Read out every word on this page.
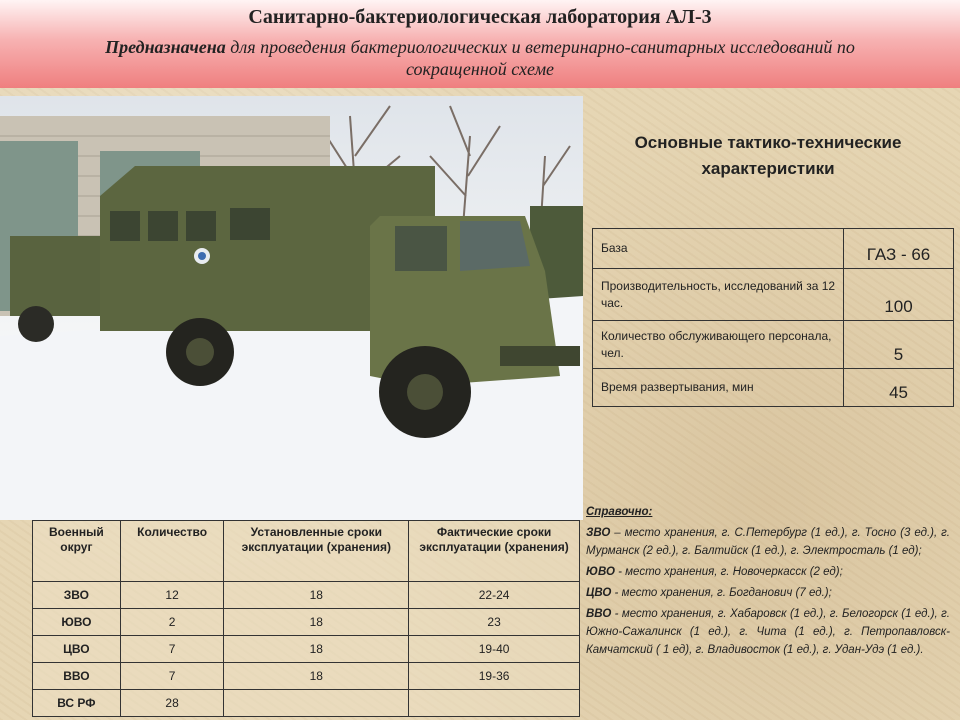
Санитарно-бактериологическая лаборатория АЛ-3
Предназначена для проведения бактериологических и ветеринарно-санитарных исследований по сокращенной схеме
Основные тактико-технические характеристики
База	ГАЗ - 66
Производительность, исследований за 12 час.	100
Количество обслуживающего персонала, чел.	5
Время развертывания, мин	45
Военный округ	Количество	Установленные сроки эксплуатации (хранения)	Фактические сроки эксплуатации (хранения)
ЗВО	12	18	22-24
ЮВО	2	18	23
ЦВО	7	18	19-40
ВВО	7	18	19-36
ВС РФ	28		

Справочно:

ЗВО – место хранения, г. С.Петербург (1 ед.), г. Тосно (3 ед.), г. Мурманск (2 ед.), г. Балтийск (1 ед.), г. Электросталь (1 ед);

ЮВО - место хранения, г. Новочеркасск (2 ед);

ЦВО - место хранения, г. Богданович (7 ед.);

ВВО - место хранения, г. Хабаровск (1 ед.), г. Белогорск (1 ед.), г. Южно-Сажалинск (1 ед.), г. Чита (1 ед.), г. Петропавловск-Камчатский ( 1 ед), г. Владивосток (1 ед.), г. Удан-Удэ (1 ед.).
